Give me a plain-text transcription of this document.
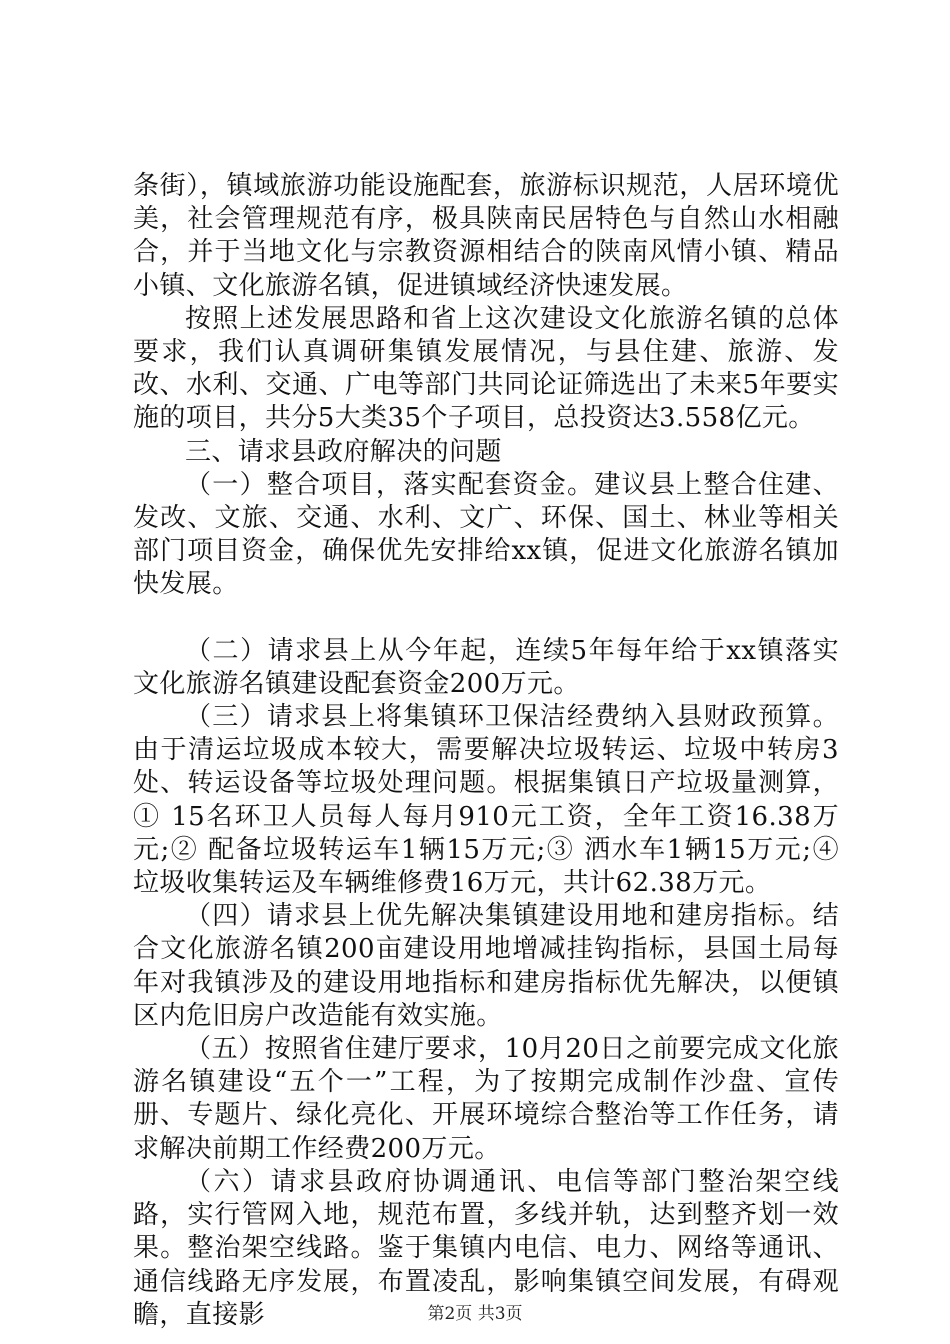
条街），镇域旅游功能设施配套，旅游标识规范，人居环境优美，社会管理规范有序，极具陕南民居特色与自然山水相融合，并于当地文化与宗教资源相结合的陕南风情小镇、精品小镇、文化旅游名镇，促进镇域经济快速发展。

按照上述发展思路和省上这次建设文化旅游名镇的总体要求，我们认真调研集镇发展情况，与县住建、旅游、发改、水利、交通、广电等部门共同论证筛选出了未来5年要实施的项目，共分5大类35个子项目，总投资达3.558亿元。

三、请求县政府解决的问题

（一）整合项目，落实配套资金。建议县上整合住建、发改、文旅、交通、水利、文广、环保、国土、林业等相关部门项目资金，确保优先安排给xx镇，促进文化旅游名镇加快发展。

（二）请求县上从今年起，连续5年每年给于xx镇落实文化旅游名镇建设配套资金200万元。

（三）请求县上将集镇环卫保洁经费纳入县财政预算。由于清运垃圾成本较大，需要解决垃圾转运、垃圾中转房3处、转运设备等垃圾处理问题。根据集镇日产垃圾量测算，① 15名环卫人员每人每月910元工资，全年工资16.38万元;② 配备垃圾转运车1辆15万元;③ 洒水车1辆15万元;④ 垃圾收集转运及车辆维修费16万元，共计62.38万元。

（四）请求县上优先解决集镇建设用地和建房指标。结合文化旅游名镇200亩建设用地增减挂钩指标，县国土局每年对我镇涉及的建设用地指标和建房指标优先解决，以便镇区内危旧房户改造能有效实施。

（五）按照省住建厅要求，10月20日之前要完成文化旅游名镇建设“五个一”工程，为了按期完成制作沙盘、宣传册、专题片、绿化亮化、开展环境综合整治等工作任务，请求解决前期工作经费200万元。

（六）请求县政府协调通讯、电信等部门整治架空线路，实行管网入地，规范布置，多线并轨，达到整齐划一效果。整治架空线路。鉴于集镇内电信、电力、网络等通讯、通信线路无序发展，布置凌乱，影响集镇空间发展，有碍观瞻，直接影	第2页 共3页
